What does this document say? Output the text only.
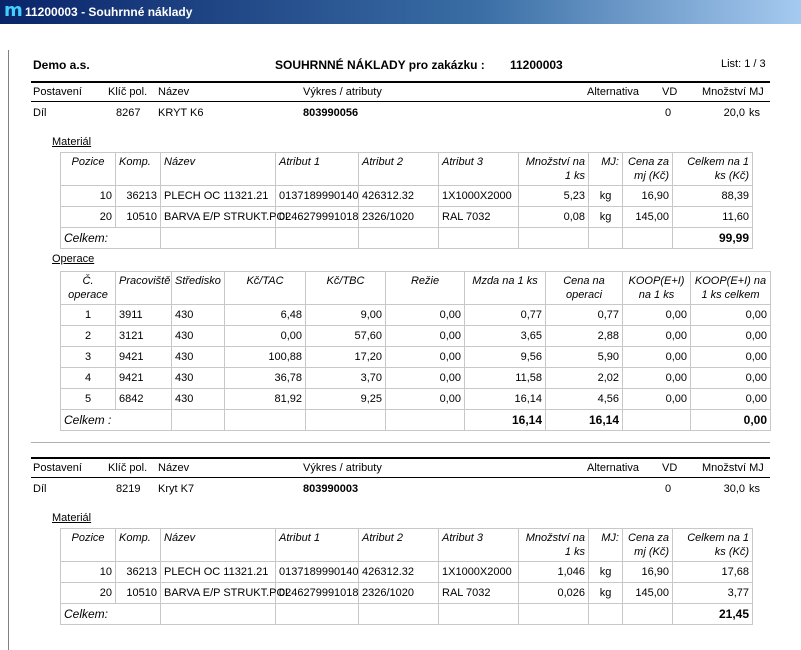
m 11200003 - Souhrnné náklady
Demo a.s.	SOUHRNNÉ NÁKLADY pro zakázku : 11200003	List: 1 / 3
Postavení Klíč pol. Název	Výkres / atributy	Alternativa VD Množství MJ
Díl	8267 KRYT K6	803990056	0	20,0 ks
Materiál
Pozice	Komp.	Název	Atribut 1	Atribut 2	Atribut 3	Množství na 1 ks	MJ:	Cena za mj (Kč)	Celkem na 1 ks (Kč)
10	36213	PLECH OC 11321.21	0137189990140	426312.32	1X1000X2000	5,23	kg	16,90	88,39
20	10510	BARVA E/P STRUKT.POL	0246279991018	2326/1020	RAL 7032	0,08	kg	145,00	11,60
Celkem:									99,99
Operace
Č. operace	Pracoviště	Středisko	Kč/TAC	Kč/TBC	Režie	Mzda na 1 ks	Cena na operaci	KOOP(E+I) na 1 ks	KOOP(E+I) na 1 ks celkem
1	3911	430	6,48	9,00	0,00	0,77	0,77	0,00	0,00
2	3121	430	0,00	57,60	0,00	3,65	2,88	0,00	0,00
3	9421	430	100,88	17,20	0,00	9,56	5,90	0,00	0,00
4	9421	430	36,78	3,70	0,00	11,58	2,02	0,00	0,00
5	6842	430	81,92	9,25	0,00	16,14	4,56	0,00	0,00
Celkem :						16,14	16,14		0,00
Postavení Klíč pol. Název	Výkres / atributy	Alternativa VD Množství MJ
Díl	8219 Kryt K7	803990003	0	30,0 ks
Materiál
Pozice	Komp.	Název	Atribut 1	Atribut 2	Atribut 3	Množství na 1 ks	MJ:	Cena za mj (Kč)	Celkem na 1 ks (Kč)
10	36213	PLECH OC 11321.21	0137189990140	426312.32	1X1000X2000	1,046	kg	16,90	17,68
20	10510	BARVA E/P STRUKT.POL	0246279991018	2326/1020	RAL 7032	0,026	kg	145,00	3,77
Celkem:									21,45
